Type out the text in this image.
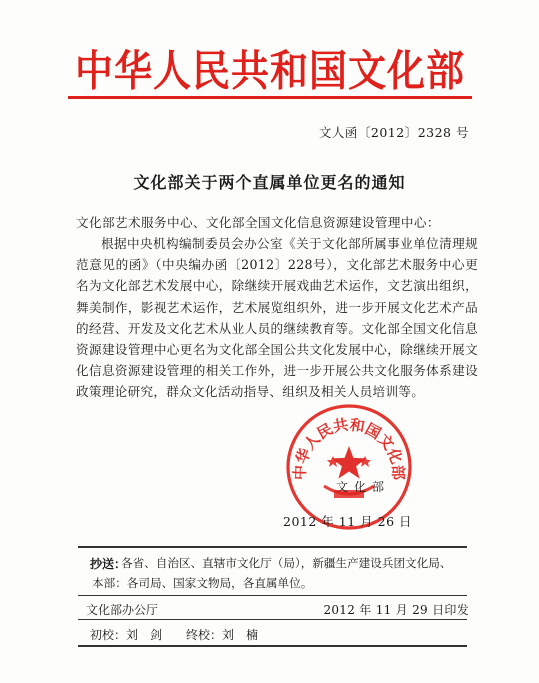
中华人民共和国文化部
文人函〔2012〕2328 号
文化部关于两个直属单位更名的通知
文化部艺术服务中心、文化部全国文化信息资源建设管理中心：

根据中央机构编制委员会办公室《关于文化部所属事业单位清理规范意见的函》（中央编办函〔2012〕228号），文化部艺术服务中心更名为文化部艺术发展中心，除继续开展戏曲艺术运作，文艺演出组织，舞美制作，影视艺术运作，艺术展览组织外，进一步开展文化艺术产品的经营、开发及文化艺术从业人员的继续教育等。文化部全国文化信息资源建设管理中心更名为文化部全国公共文化发展中心，除继续开展文化信息资源建设管理的相关工作外，进一步开展公共文化服务体系建设政策理论研究，群众文化活动指导、组织及相关人员培训等。

中华人民共和国文化部
文化部
2012 年 11 月 26 日
抄送：
各省、自治区、直辖市文化厅（局），新疆生产建设兵团文化局、
本部：各司局、国家文物局，各直属单位。
文化部办公厅	2012 年 11 月 29 日印发
初校：刘　剑　　终校：刘　楠
